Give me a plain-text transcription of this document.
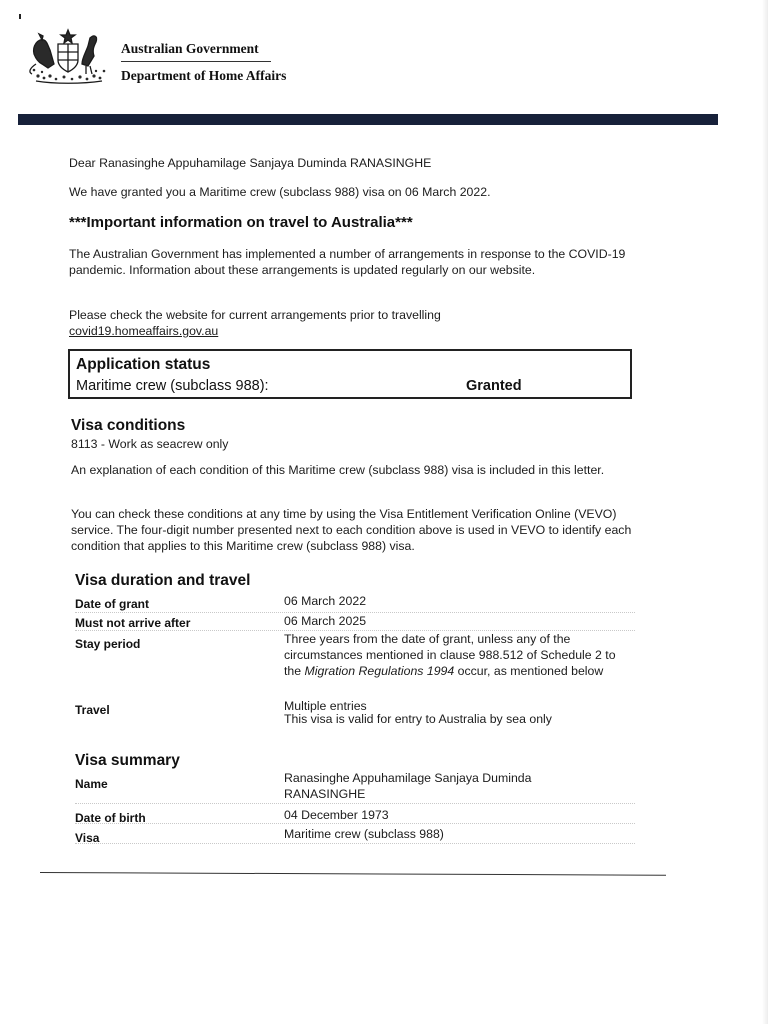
Australian Government
Department of Home Affairs
Dear Ranasinghe Appuhamilage Sanjaya Duminda RANASINGHE
We have granted you a Maritime crew (subclass 988) visa on 06 March 2022.
***Important information on travel to Australia***
The Australian Government has implemented a number of arrangements in response to the COVID-19 pandemic. Information about these arrangements is updated regularly on our website.
Please check the website for current arrangements prior to travelling
covid19.homeaffairs.gov.au
Application status
Maritime crew (subclass 988):	Granted
Visa conditions
8113 - Work as seacrew only
An explanation of each condition of this Maritime crew (subclass 988) visa is included in this letter.
You can check these conditions at any time by using the Visa Entitlement Verification Online (VEVO) service. The four-digit number presented next to each condition above is used in VEVO to identify each condition that applies to this Maritime crew (subclass 988) visa.
Visa duration and travel
Date of grant	06 March 2022
Must not arrive after	06 March 2025
Stay period	Three years from the date of grant, unless any of the circumstances mentioned in clause 988.512 of Schedule 2 to the Migration Regulations 1994 occur, as mentioned below
Travel	Multiple entries
This visa is valid for entry to Australia by sea only
Visa summary
Name	Ranasinghe Appuhamilage Sanjaya Duminda RANASINGHE
Date of birth	04 December 1973
Visa	Maritime crew (subclass 988)
